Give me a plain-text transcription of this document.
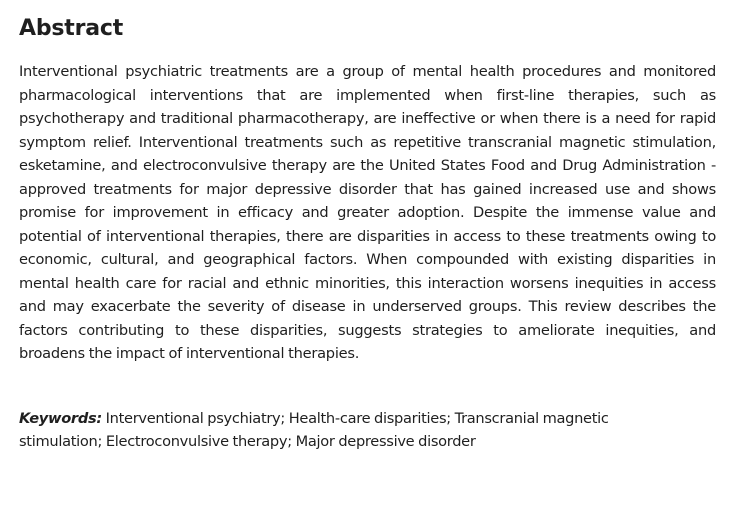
Abstract

Interventional psychiatric treatments are a group of mental health procedures and monitored pharmacological interventions that are implemented when first-line therapies, such as psychotherapy and traditional pharmacotherapy, are ineffective or when there is a need for rapid symptom relief. Interventional treatments such as repetitive transcranial magnetic stimulation, esketamine, and electroconvulsive therapy are the United States Food and Drug Administration -approved treatments for major depressive disorder that has gained increased use and shows promise for improvement in efficacy and greater adoption. Despite the immense value and potential of interventional therapies, there are disparities in access to these treatments owing to economic, cultural, and geographical factors. When compounded with existing disparities in mental health care for racial and ethnic minorities, this interaction worsens inequities in access and may exacerbate the severity of disease in underserved groups. This review describes the factors contributing to these disparities, suggests strategies to ameliorate inequities, and broadens the impact of interventional therapies.

Keywords: Interventional psychiatry; Health-care disparities; Transcranial magnetic stimulation; Electroconvulsive therapy; Major depressive disorder
